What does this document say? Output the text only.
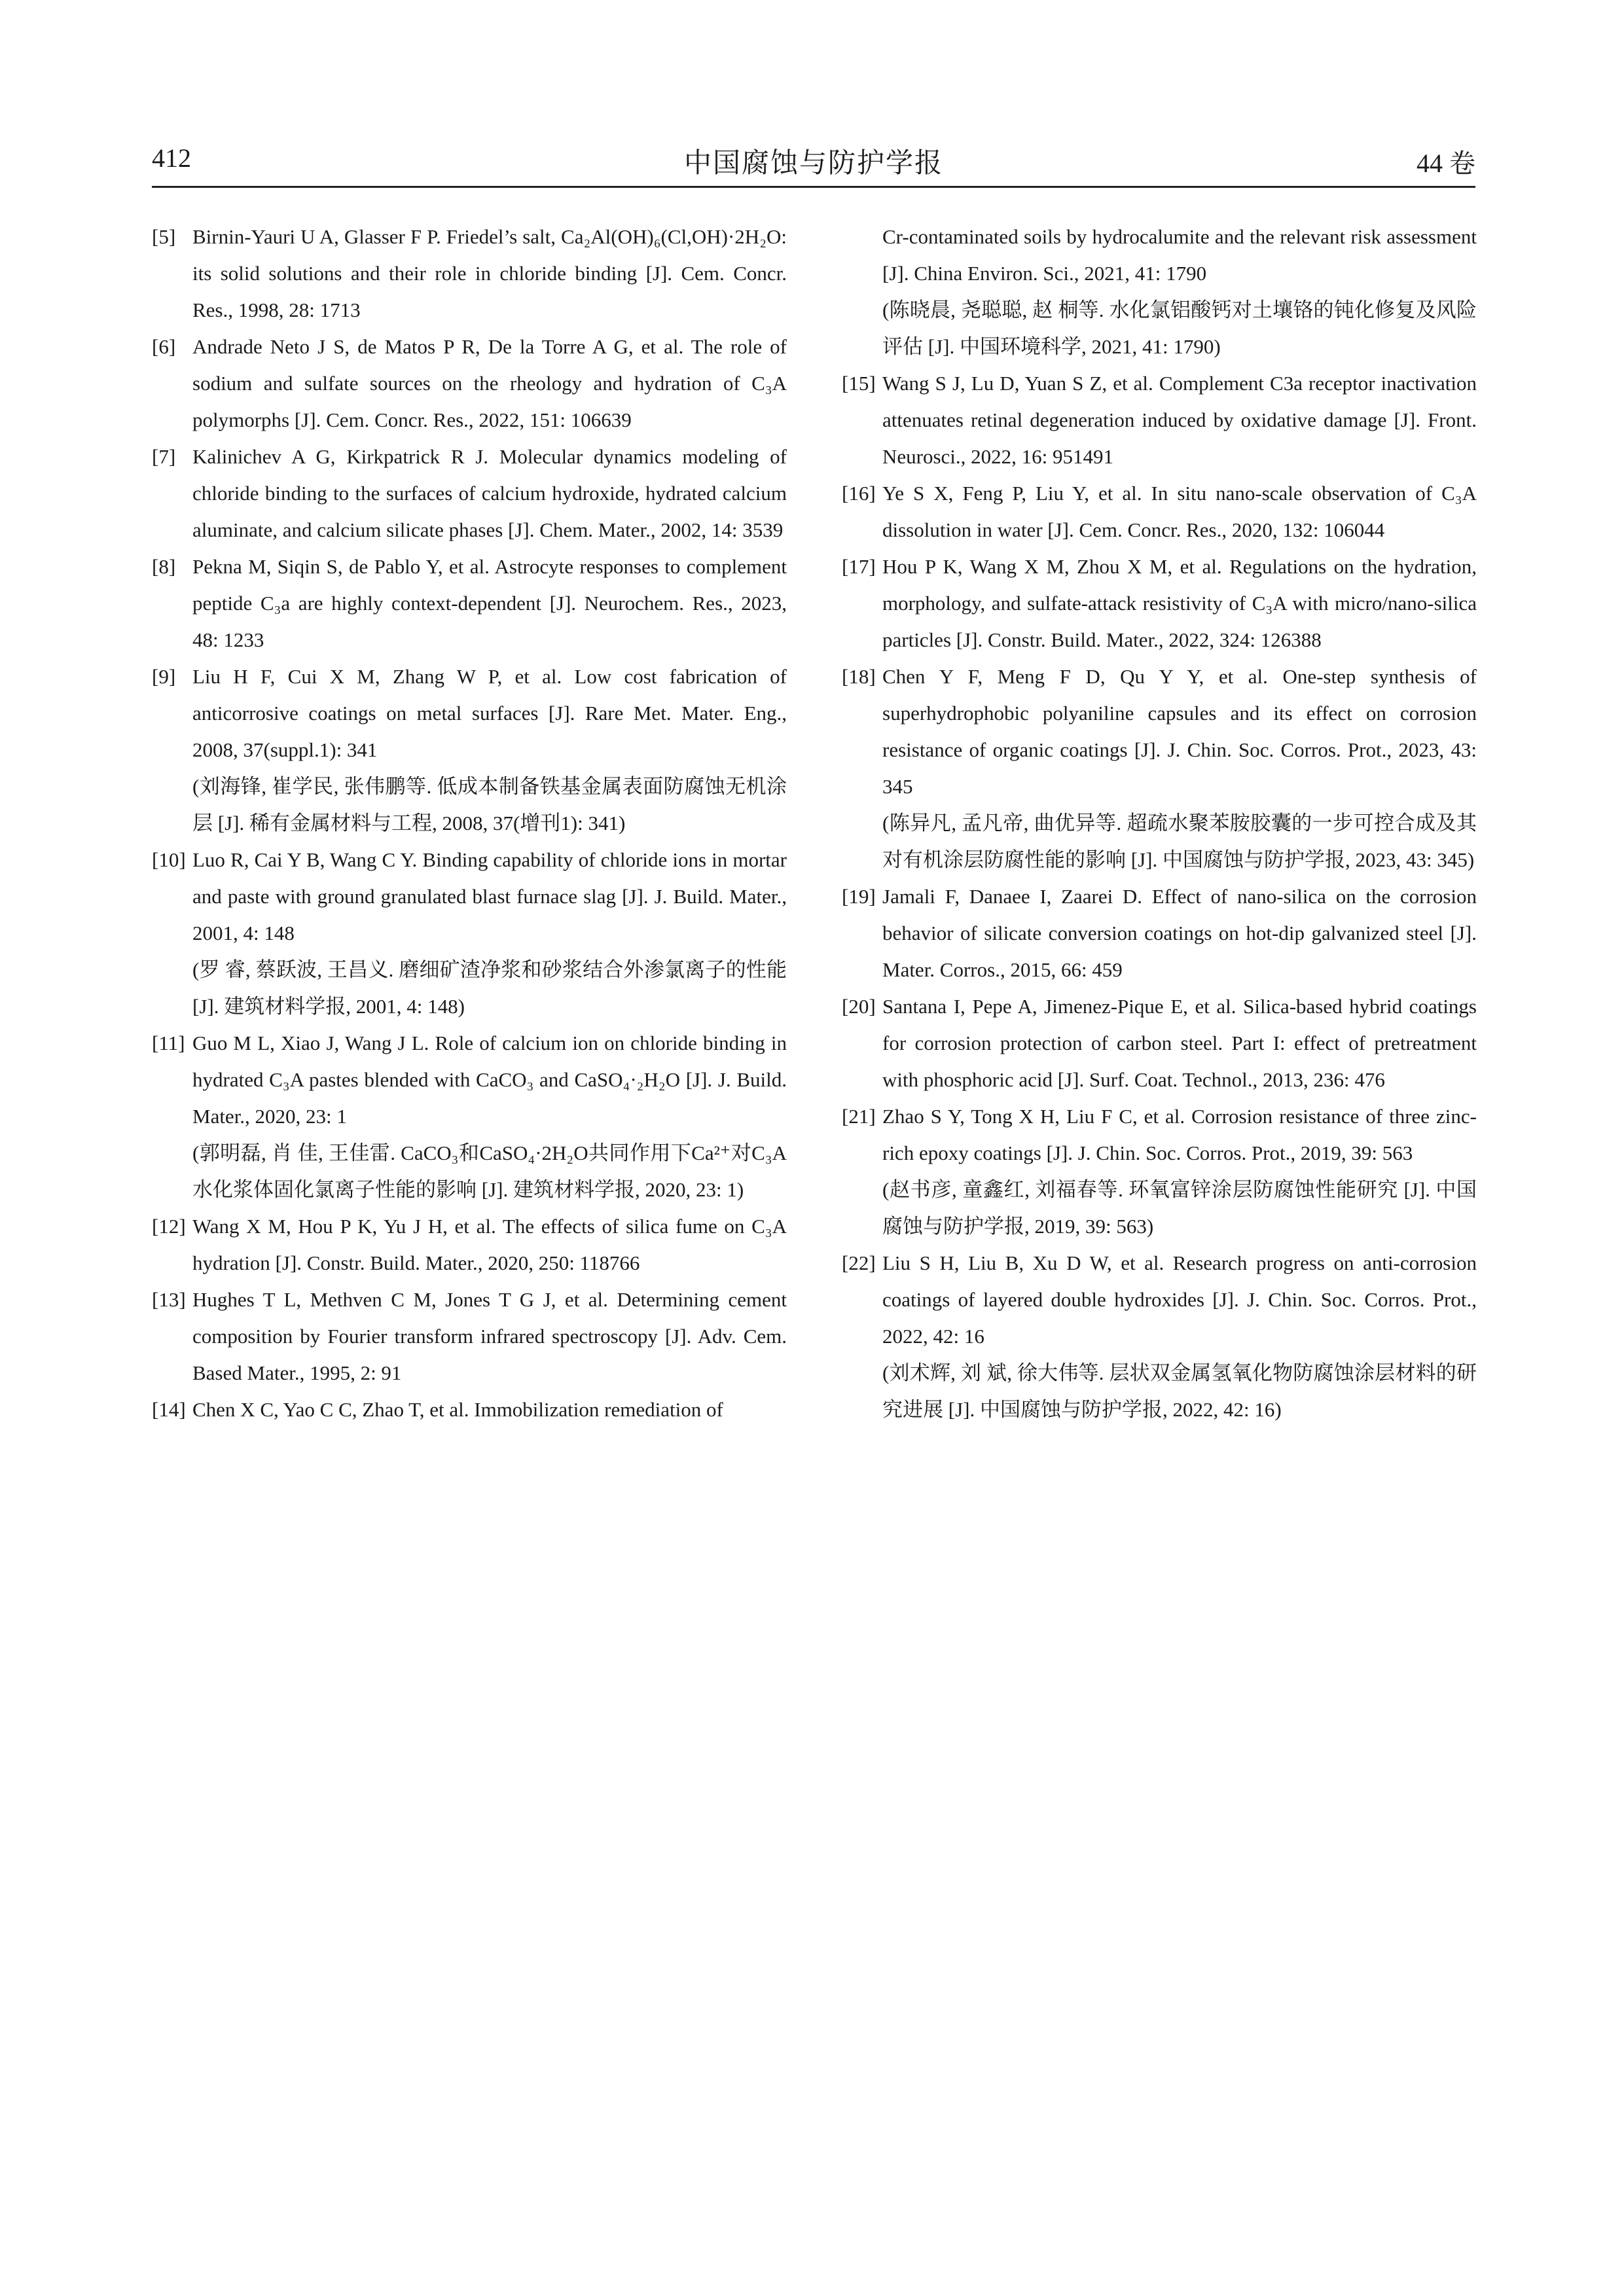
412	中国腐蚀与防护学报	44 卷
[5] Birnin-Yauri U A, Glasser F P. Friedel’s salt, Ca₂Al(OH)₆(Cl,OH)·2H₂O: its solid solutions and their role in chloride binding [J]. Cem. Concr. Res., 1998, 28: 1713
[6] Andrade Neto J S, de Matos P R, De la Torre A G, et al. The role of sodium and sulfate sources on the rheology and hydration of C₃A polymorphs [J]. Cem. Concr. Res., 2022, 151: 106639
[7] Kalinichev A G, Kirkpatrick R J. Molecular dynamics modeling of chloride binding to the surfaces of calcium hydroxide, hydrated calcium aluminate, and calcium silicate phases [J]. Chem. Mater., 2002, 14: 3539
[8] Pekna M, Siqin S, de Pablo Y, et al. Astrocyte responses to complement peptide C₃a are highly context-dependent [J]. Neurochem. Res., 2023, 48: 1233
[9] Liu H F, Cui X M, Zhang W P, et al. Low cost fabrication of anticorrosive coatings on metal surfaces [J]. Rare Met. Mater. Eng., 2008, 37(suppl.1): 341
(刘海锋, 崔学民, 张伟鹏等. 低成本制备铁基金属表面防腐蚀无机涂层 [J]. 稀有金属材料与工程, 2008, 37(增刊1): 341)
[10] Luo R, Cai Y B, Wang C Y. Binding capability of chloride ions in mortar and paste with ground granulated blast furnace slag [J]. J. Build. Mater., 2001, 4: 148
(罗 睿, 蔡跃波, 王昌义. 磨细矿渣净浆和砂浆结合外渗氯离子的性能 [J]. 建筑材料学报, 2001, 4: 148)
[11] Guo M L, Xiao J, Wang J L. Role of calcium ion on chloride binding in hydrated C₃A pastes blended with CaCO₃ and CaSO₄·₂H₂O [J]. J. Build. Mater., 2020, 23: 1
(郭明磊, 肖 佳, 王佳雷. CaCO₃和CaSO₄·2H₂O共同作用下Ca²⁺对C₃A水化浆体固化氯离子性能的影响 [J]. 建筑材料学报, 2020, 23: 1)
[12] Wang X M, Hou P K, Yu J H, et al. The effects of silica fume on C₃A hydration [J]. Constr. Build. Mater., 2020, 250: 118766
[13] Hughes T L, Methven C M, Jones T G J, et al. Determining cement composition by Fourier transform infrared spectroscopy [J]. Adv. Cem. Based Mater., 1995, 2: 91
[14] Chen X C, Yao C C, Zhao T, et al. Immobilization remediation of
Cr-contaminated soils by hydrocalumite and the relevant risk assessment [J]. China Environ. Sci., 2021, 41: 1790
(陈晓晨, 尧聪聪, 赵 桐等. 水化氯铝酸钙对土壤铬的钝化修复及风险评估 [J]. 中国环境科学, 2021, 41: 1790)
[15] Wang S J, Lu D, Yuan S Z, et al. Complement C3a receptor inactivation attenuates retinal degeneration induced by oxidative damage [J]. Front. Neurosci., 2022, 16: 951491
[16] Ye S X, Feng P, Liu Y, et al. In situ nano-scale observation of C₃A dissolution in water [J]. Cem. Concr. Res., 2020, 132: 106044
[17] Hou P K, Wang X M, Zhou X M, et al. Regulations on the hydration, morphology, and sulfate-attack resistivity of C₃A with micro/nano-silica particles [J]. Constr. Build. Mater., 2022, 324: 126388
[18] Chen Y F, Meng F D, Qu Y Y, et al. One-step synthesis of superhydrophobic polyaniline capsules and its effect on corrosion resistance of organic coatings [J]. J. Chin. Soc. Corros. Prot., 2023, 43: 345
(陈异凡, 孟凡帝, 曲优异等. 超疏水聚苯胺胶囊的一步可控合成及其对有机涂层防腐性能的影响 [J]. 中国腐蚀与防护学报, 2023, 43: 345)
[19] Jamali F, Danaee I, Zaarei D. Effect of nano-silica on the corrosion behavior of silicate conversion coatings on hot-dip galvanized steel [J]. Mater. Corros., 2015, 66: 459
[20] Santana I, Pepe A, Jimenez-Pique E, et al. Silica-based hybrid coatings for corrosion protection of carbon steel. Part I: effect of pretreatment with phosphoric acid [J]. Surf. Coat. Technol., 2013, 236: 476
[21] Zhao S Y, Tong X H, Liu F C, et al. Corrosion resistance of three zinc-rich epoxy coatings [J]. J. Chin. Soc. Corros. Prot., 2019, 39: 563
(赵书彦, 童鑫红, 刘福春等. 环氧富锌涂层防腐蚀性能研究 [J]. 中国腐蚀与防护学报, 2019, 39: 563)
[22] Liu S H, Liu B, Xu D W, et al. Research progress on anti-corrosion coatings of layered double hydroxides [J]. J. Chin. Soc. Corros. Prot., 2022, 42: 16
(刘术辉, 刘 斌, 徐大伟等. 层状双金属氢氧化物防腐蚀涂层材料的研究进展 [J]. 中国腐蚀与防护学报, 2022, 42: 16)
